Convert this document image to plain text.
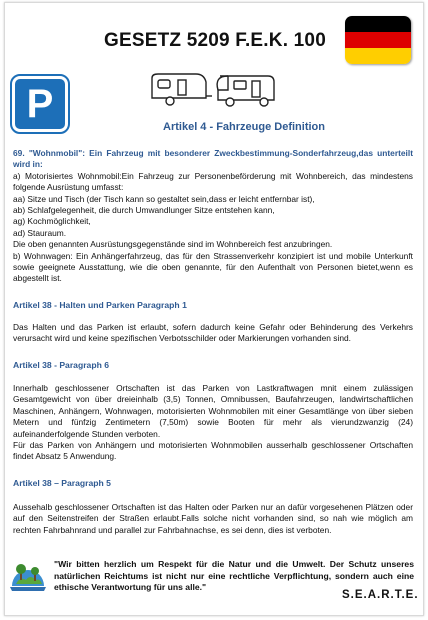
GESETZ 5209 F.E.K. 100
P
Artikel 4 - Fahrzeuge Definition

69. "Wohnmobil": Ein Fahrzeug mit besonderer Zweckbestimmung-Sonderfahrzeug,das unterteilt wird in:

a) Motorisiertes Wohnmobil:Ein Fahrzeug zur Personenbeförderung mit Wohnbereich, das mindestens folgende Ausrüstung umfasst:

aa) Sitze und Tisch (der Tisch kann so gestaltet sein,dass er leicht entfernbar ist),

ab) Schlafgelegenheit, die durch Umwandlunger Sitze entstehen kann,

ag) Kochmöglichkeit,

ad) Stauraum.

Die oben genannten Ausrüstungsgegenstände sind im Wohnbereich fest anzubringen.

b) Wohnwagen: Ein Anhängerfahrzeug, das für den Strassenverkehr konzipiert ist und mobile Unterkunft sowie geeignete Ausstattung, wie die oben genannte, für den Aufenthalt von Personen bietet,wenn es abgestellt ist.

Artikel 38 - Halten und Parken Paragraph 1

Das Halten und das Parken ist erlaubt, sofern dadurch keine Gefahr oder Behinderung des Verkehrs verursacht wird und keine spezifischen Verbotsschilder oder Markierungen vorhanden sind.

Artikel 38 - Paragraph 6

Innerhalb geschlossener Ortschaften ist das Parken von Lastkraftwagen mnit einem zulässigen Gesamtgewicht von über dreieinhalb (3,5) Tonnen, Omnibussen, Baufahrzeugen, landwirtschaftlichen Maschinen, Anhängern, Wohnwagen, motorisierten Wohnmobilen mit einer Gesamtlänge von über sieben Metern und fünfzig Zentimetern (7,50m) sowie Booten für mehr als vierundzwanzig (24) aufeinanderfolgende Stunden verboten.

Für das Parken von Anhängern und motorisierten Wohnmobilen ausserhalb geschlossener Ortschaften findet Absatz 5 Anwendung.

Artikel 38 – Paragraph 5

Aussehalb geschlossener Ortschaften ist das Halten oder Parken nur an dafür vorgesehenen Plätzen oder auf den Seitenstreifen der Straßen erlaubt.Falls solche nicht vorhanden sind, so nah wie möglich am rechten Fahrbahnrand und parallel zur Fahrbahnachse, es sei denn, dies ist verboten.

"Wir bitten herzlich um Respekt für die Natur und die Umwelt. Der Schutz unseres natürlichen Reichtums ist nicht nur eine rechtliche Verpflichtung, sondern auch eine ethische Verantwortung für uns alle."
S.E.A.R.T.E.
